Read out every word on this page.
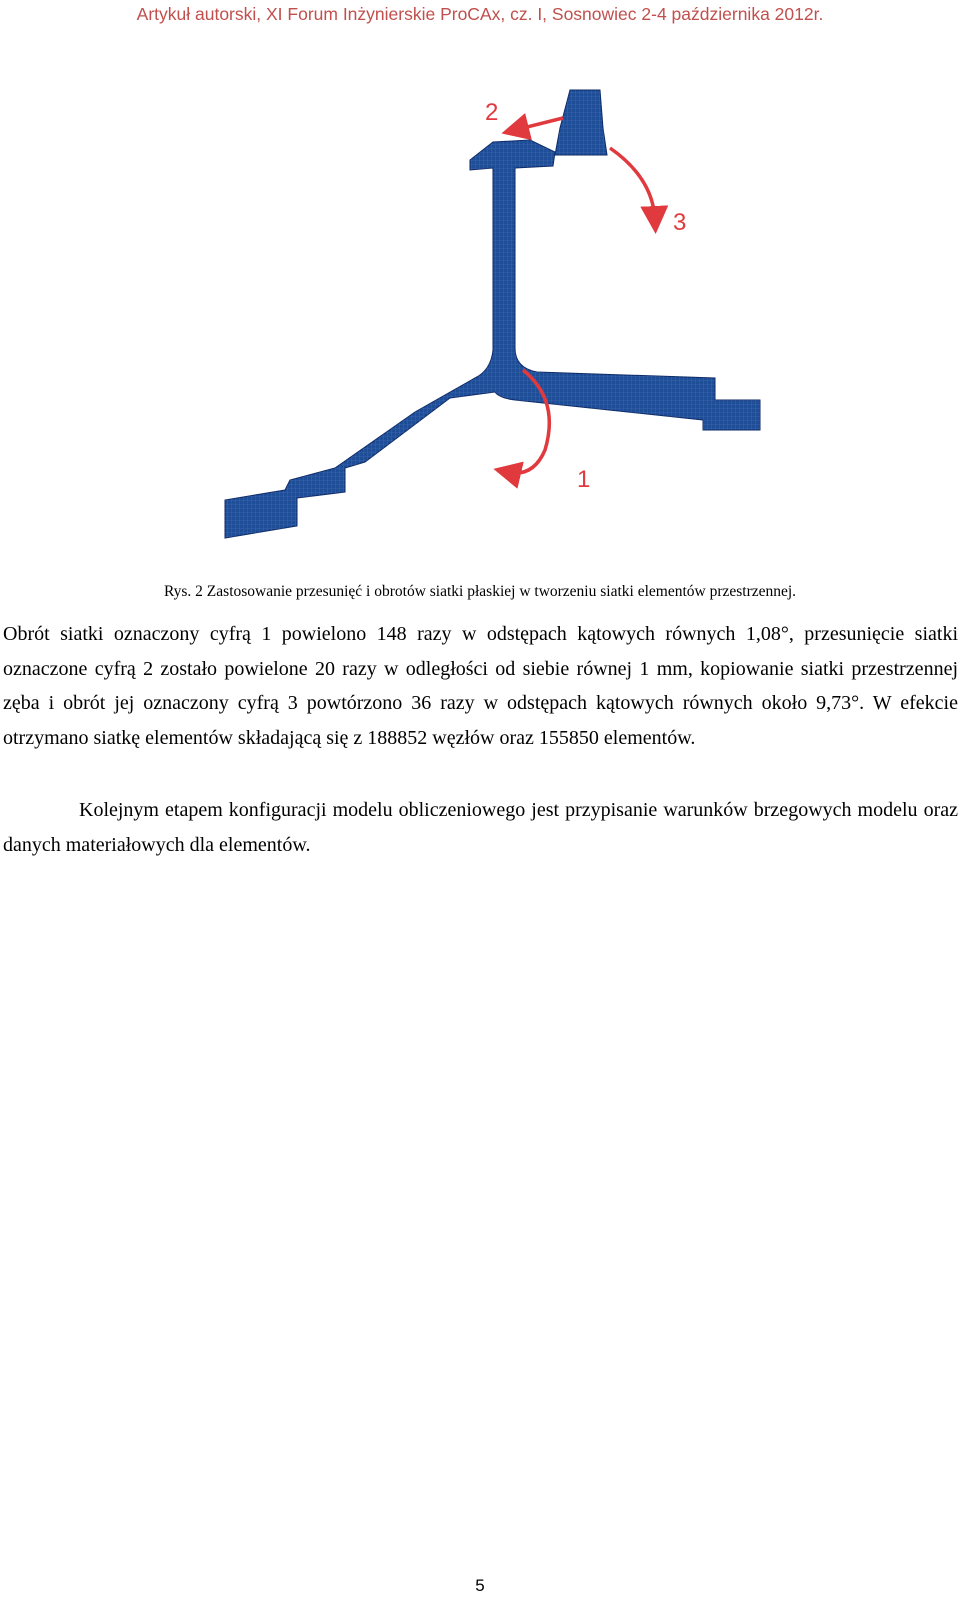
Artykuł autorski, XI Forum Inżynierskie ProCAx, cz. I, Sosnowiec 2-4 października 2012r.
2
3
1
Rys. 2 Zastosowanie przesunięć i obrotów siatki płaskiej w tworzeniu siatki elementów przestrzennej.
Obrót siatki oznaczony cyfrą 1 powielono 148 razy w odstępach kątowych równych 1,08°, przesunięcie siatki oznaczone cyfrą 2 zostało powielone 20 razy w odległości od siebie równej 1 mm, kopiowanie siatki przestrzennej zęba i obrót jej oznaczony cyfrą 3 powtórzono 36 razy w odstępach kątowych równych około 9,73°. W efekcie otrzymano siatkę elementów składającą się z 188852 węzłów oraz 155850 elementów.
Kolejnym etapem konfiguracji modelu obliczeniowego jest przypisanie warunków brzegowych modelu oraz danych materiałowych dla elementów.
5
